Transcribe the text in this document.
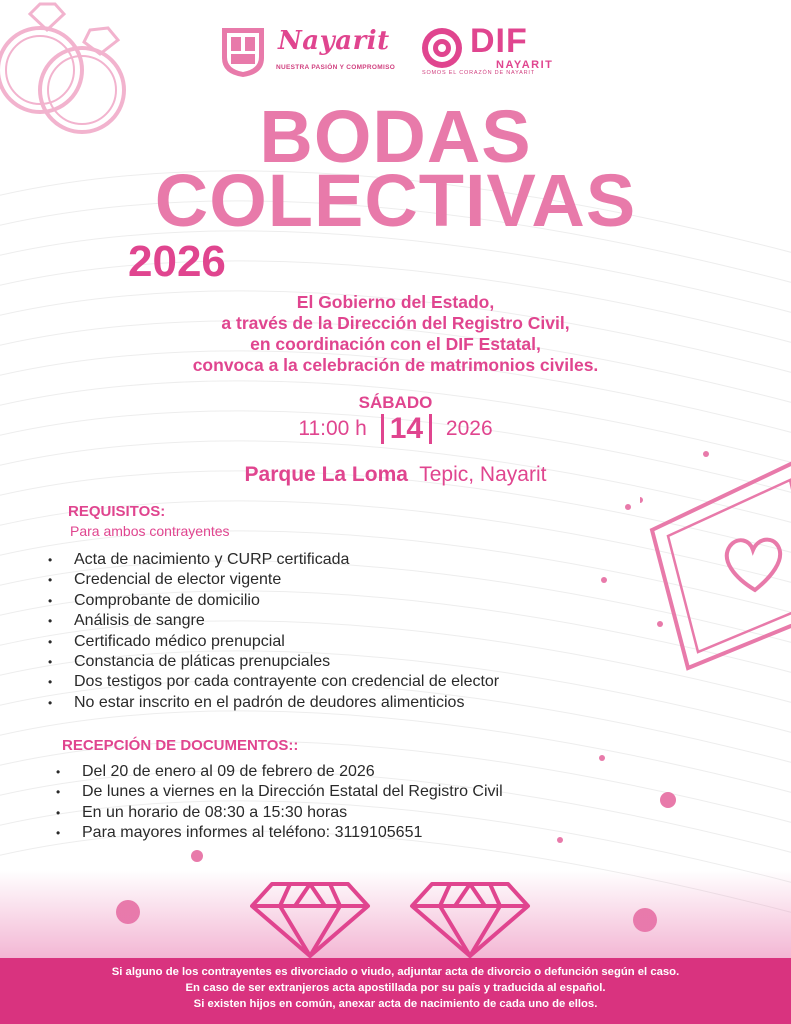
Nayarit
NUESTRA PASIÓN Y COMPROMISO
DIF
NAYARIT
SOMOS EL CORAZÓN DE NAYARIT
BODAS
COLECTIVAS
2026
El Gobierno del Estado,
a través de la Dirección del Registro Civil,
en coordinación con el DIF Estatal,
convoca a la celebración de matrimonios civiles.
SÁBADO
11:00 h 14 2026
Parque La Loma Tepic, Nayarit
REQUISITOS:
Para ambos contrayentes
• Acta de nacimiento y CURP certificada
• Credencial de elector vigente
• Comprobante de domicilio
• Análisis de sangre
• Certificado médico prenupcial
• Constancia de pláticas prenupciales
• Dos testigos por cada contrayente con credencial de elector
• No estar inscrito en el padrón de deudores alimenticios
RECEPCIÓN DE DOCUMENTOS::
• Del 20 de enero al 09 de febrero de 2026
• De lunes a viernes en la Dirección Estatal del Registro Civil
• En un horario de 08:30 a 15:30 horas
• Para mayores informes al teléfono: 3119105651
Si alguno de los contrayentes es divorciado o viudo, adjuntar acta de divorcio o defunción según el caso.
En caso de ser extranjeros acta apostillada por su país y traducida al español.
Si existen hijos en común, anexar acta de nacimiento de cada uno de ellos.
